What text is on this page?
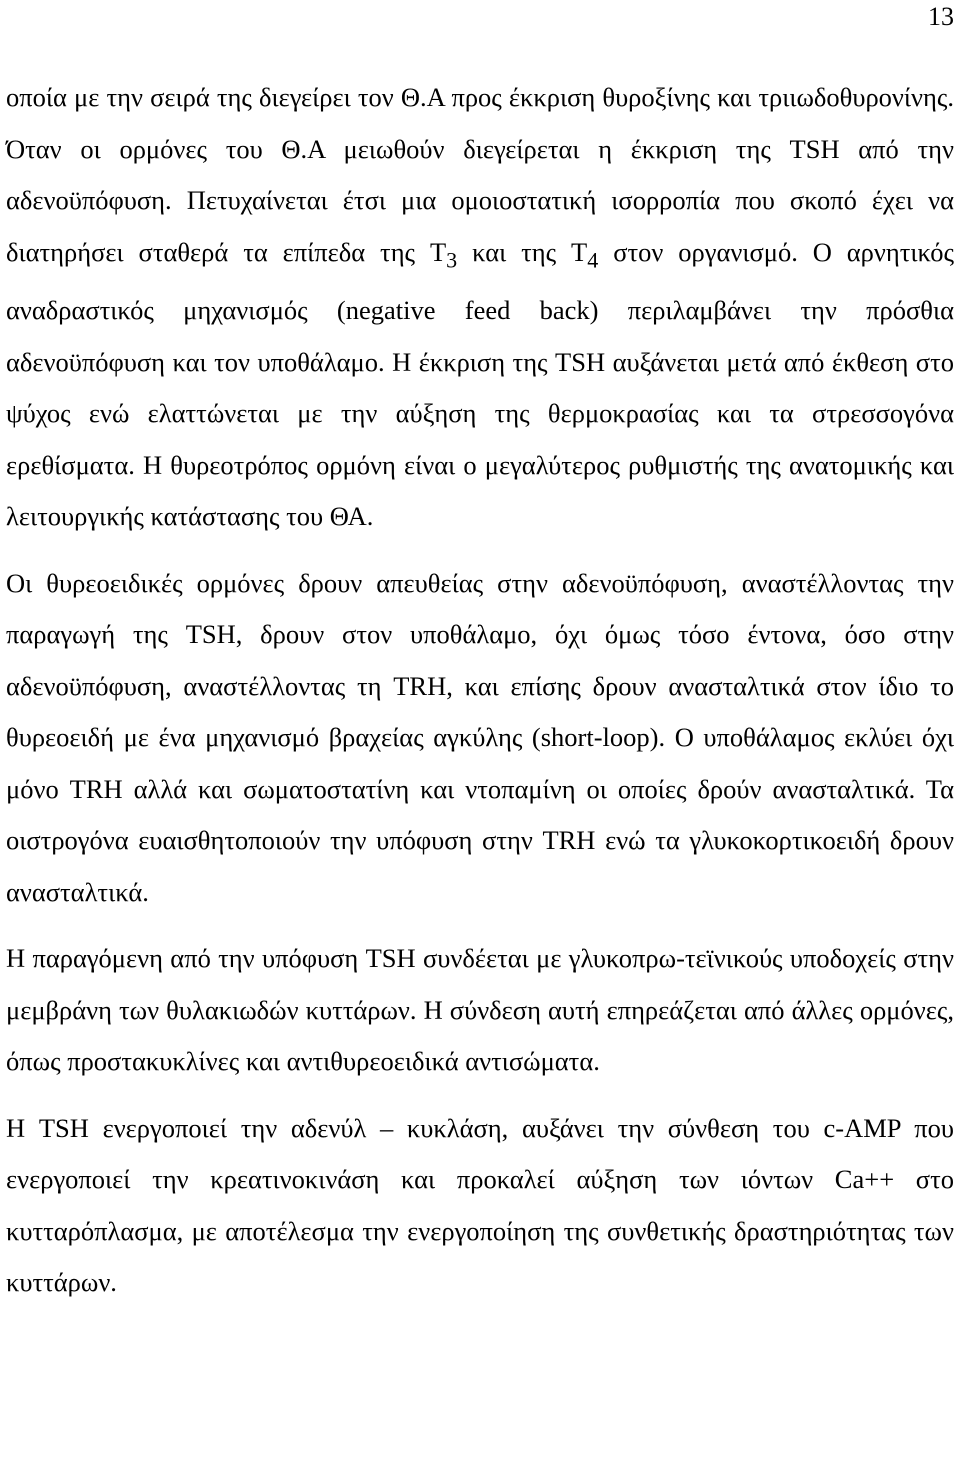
13

οποία με την σειρά της διεγείρει τον Θ.Α προς έκκριση θυροξίνης και τριιωδοθυρονίνης. Όταν οι ορμόνες του Θ.Α μειωθούν διεγείρεται η έκκριση της TSH από την αδενοϋπόφυση. Πετυχαίνεται έτσι μια ομοιοστατική ισορροπία που σκοπό έχει να διατηρήσει σταθερά τα επίπεδα της $T_3$ και της $T_4$ στον οργανισμό. Ο αρνητικός αναδραστικός μηχανισμός (negative feed back) περιλαμβάνει την πρόσθια αδενοϋπόφυση και τον υποθάλαμο. Η έκκριση της TSH αυξάνεται μετά από έκθεση στο ψύχος ενώ ελαττώνεται με την αύξηση της θερμοκρασίας και τα στρεσσογόνα ερεθίσματα. Η θυρεοτρόπος ορμόνη είναι ο μεγαλύτερος ρυθμιστής της ανατομικής και λειτουργικής κατάστασης του ΘΑ.

Οι θυρεοειδικές ορμόνες δρουν απευθείας στην αδενοϋπόφυση, αναστέλλοντας την παραγωγή της TSH, δρουν στον υποθάλαμο, όχι όμως τόσο έντονα, όσο στην αδενοϋπόφυση, αναστέλλοντας τη TRH, και επίσης δρουν ανασταλτικά στον ίδιο το θυρεοειδή με ένα μηχανισμό βραχείας αγκύλης (short-loop). Ο υποθάλαμος εκλύει όχι μόνο TRH αλλά και σωματοστατίνη και ντοπαμίνη οι οποίες δρούν ανασταλτικά. Τα οιστρογόνα ευαισθητοποιούν την υπόφυση στην TRH ενώ τα γλυκοκορτικοειδή δρουν ανασταλτικά.

Η παραγόμενη από την υπόφυση TSH συνδέεται με γλυκοπρω-τεϊνικούς υποδοχείς στην μεμβράνη των θυλακιωδών κυττάρων. Η σύνδεση αυτή επηρεάζεται από άλλες ορμόνες, όπως προστακυκλίνες και αντιθυρεοειδικά αντισώματα.

Η TSH ενεργοποιεί την αδενύλ – κυκλάση, αυξάνει την σύνθεση του c-AMP που ενεργοποιεί την κρεατινοκινάση και προκαλεί αύξηση των ιόντων Ca++ στο κυτταρόπλασμα, με αποτέλεσμα την ενεργοποίηση της συνθετικής δραστηριότητας των κυττάρων.
